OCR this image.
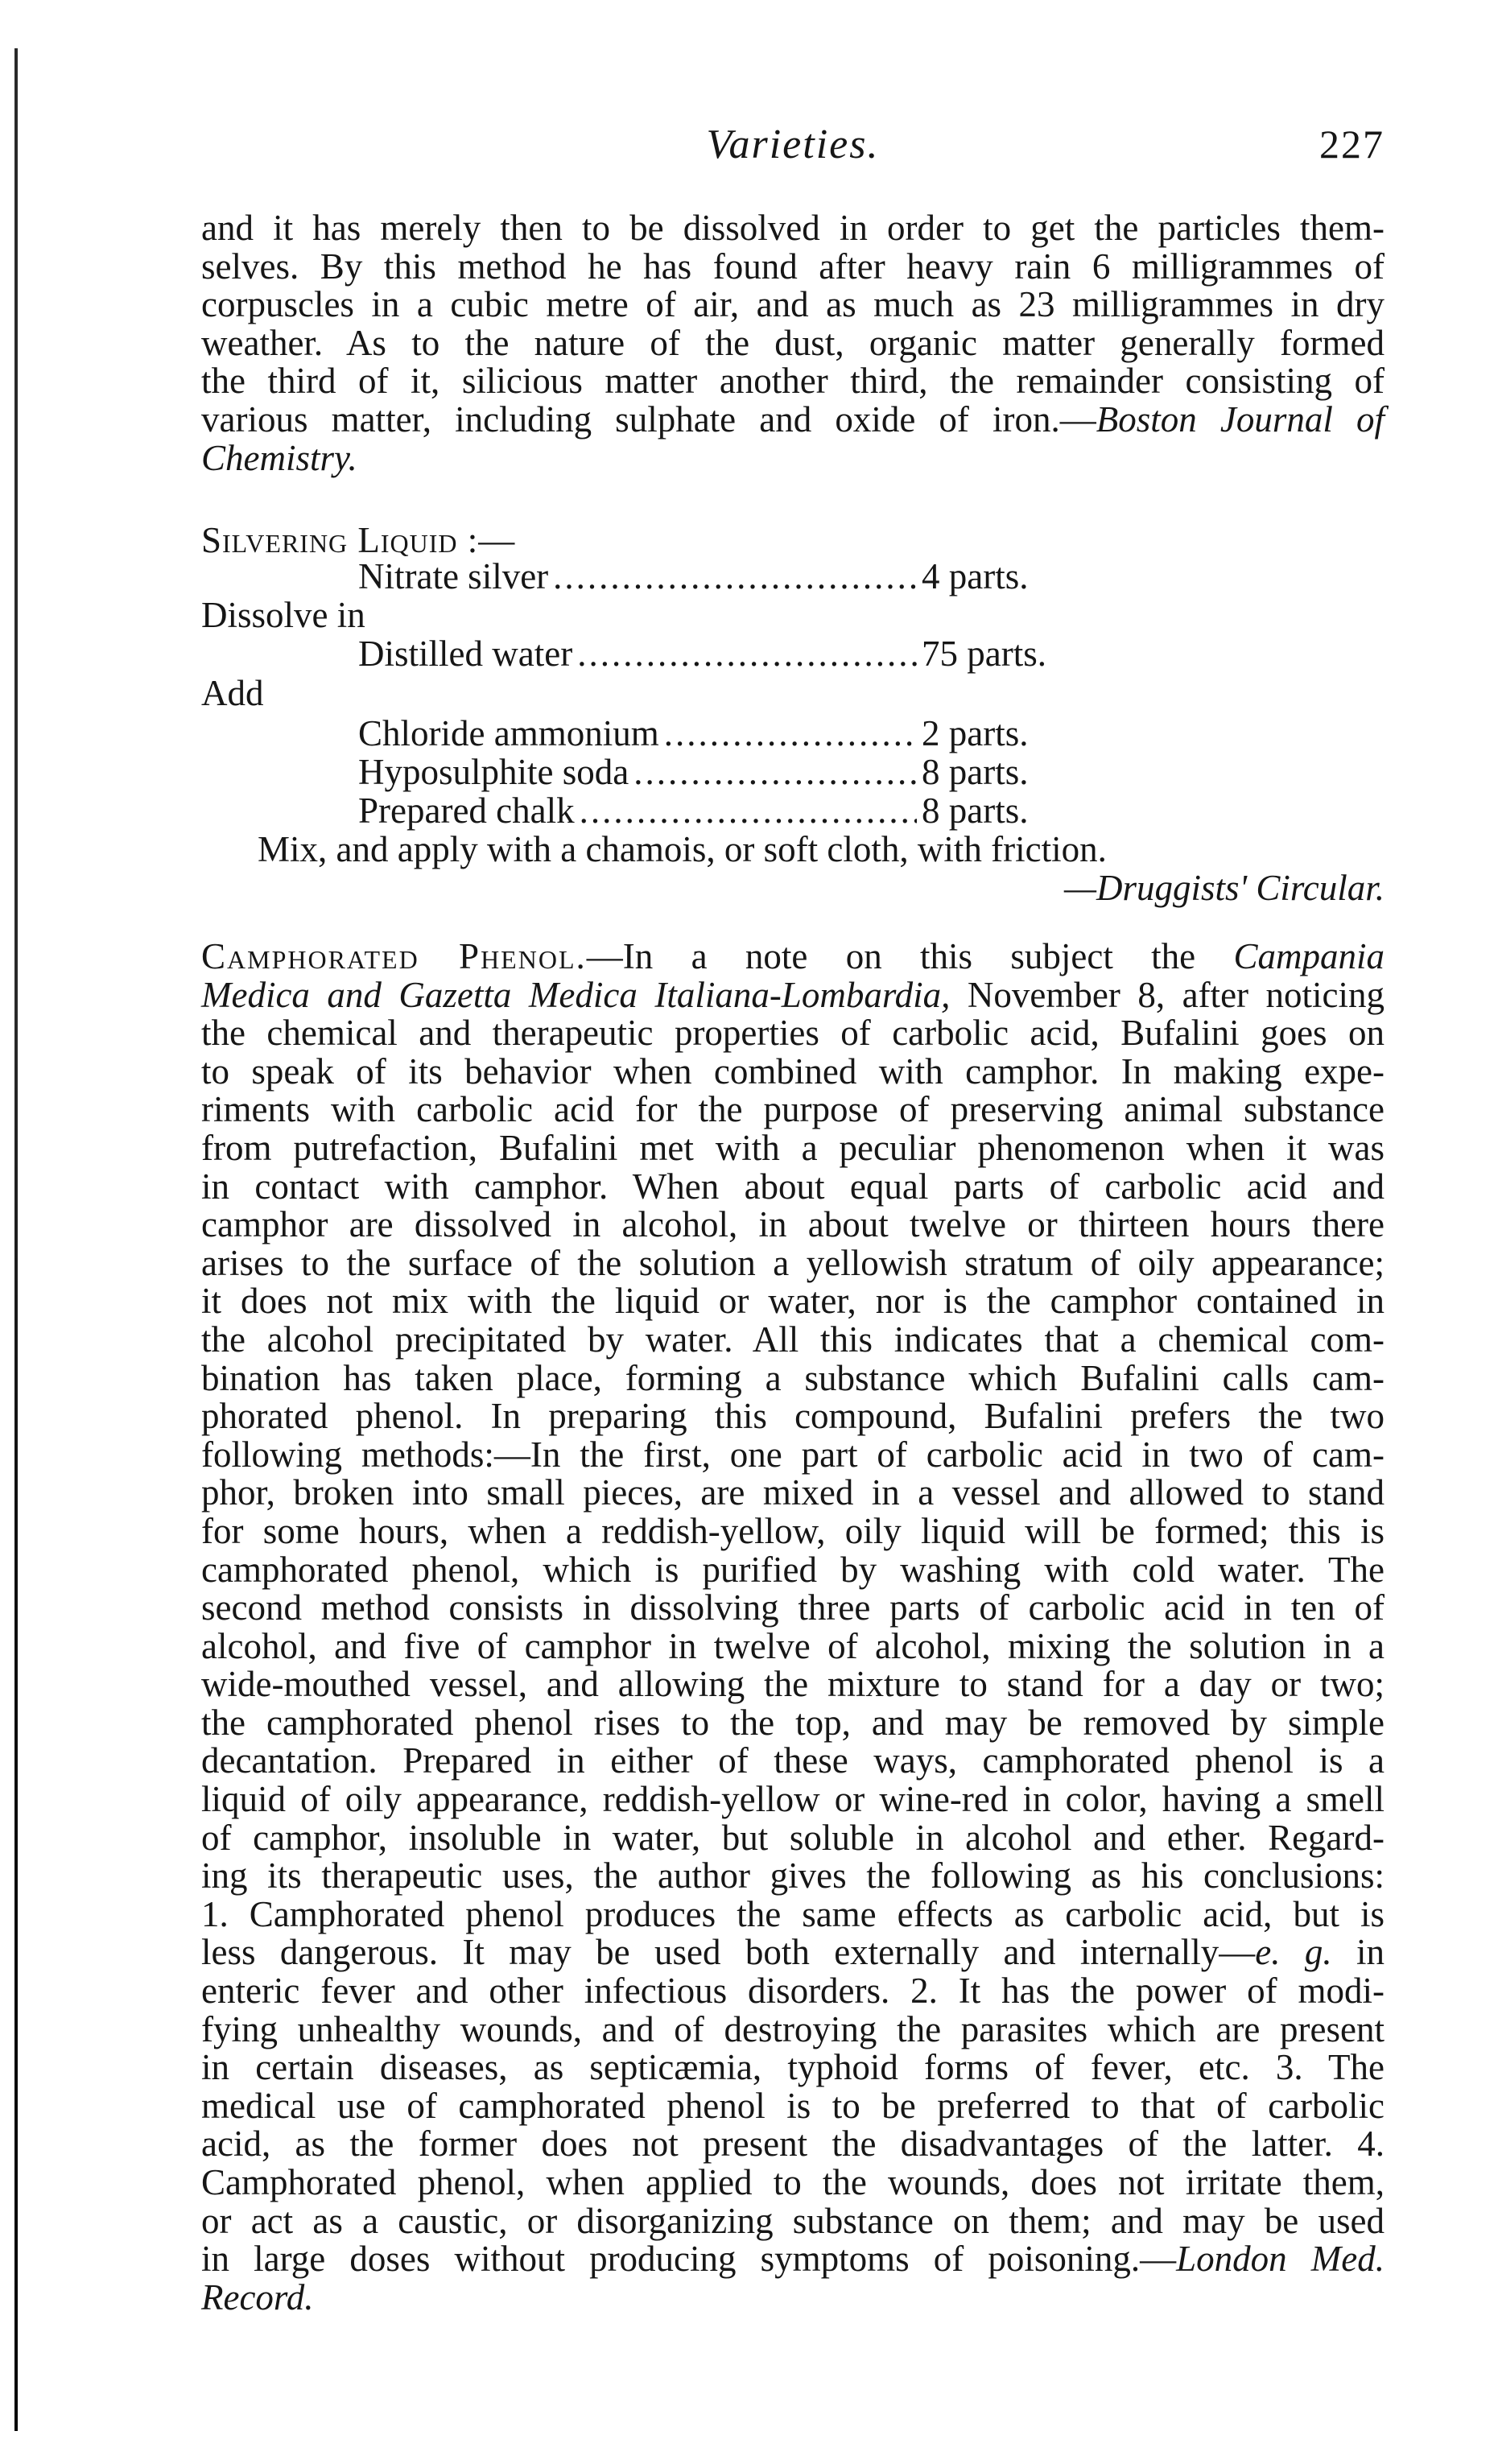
Varieties.	227
and it has merely then to be dissolved in order to get the particles them-
selves. By this method he has found after heavy rain 6 milligrammes of
corpuscles in a cubic metre of air, and as much as 23 milligrammes in dry
weather. As to the nature of the dust, organic matter generally formed
the third of it, silicious matter another third, the remainder consisting of
various matter, including sulphate and oxide of iron.—Boston Journal of
Chemistry.
Silvering Liquid :—
Nitrate silver .....	4 parts.
Dissolve in
Distilled water .....	75 parts.
Add
Chloride ammonium .....	2 parts.
Hyposulphite soda .....	8 parts.
Prepared chalk .....	8 parts.
Mix, and apply with a chamois, or soft cloth, with friction.
—Druggists' Circular.
Camphorated Phenol.—In a note on this subject the Campania
Medica and Gazetta Medica Italiana-Lombardia, November 8, after noticing
the chemical and therapeutic properties of carbolic acid, Bufalini goes on
to speak of its behavior when combined with camphor. In making expe-
riments with carbolic acid for the purpose of preserving animal substance
from putrefaction, Bufalini met with a peculiar phenomenon when it was
in contact with camphor. When about equal parts of carbolic acid and
camphor are dissolved in alcohol, in about twelve or thirteen hours there
arises to the surface of the solution a yellowish stratum of oily appearance;
it does not mix with the liquid or water, nor is the camphor contained in
the alcohol precipitated by water. All this indicates that a chemical com-
bination has taken place, forming a substance which Bufalini calls cam-
phorated phenol. In preparing this compound, Bufalini prefers the two
following methods:—In the first, one part of carbolic acid in two of cam-
phor, broken into small pieces, are mixed in a vessel and allowed to stand
for some hours, when a reddish-yellow, oily liquid will be formed; this is
camphorated phenol, which is purified by washing with cold water. The
second method consists in dissolving three parts of carbolic acid in ten of
alcohol, and five of camphor in twelve of alcohol, mixing the solution in a
wide-mouthed vessel, and allowing the mixture to stand for a day or two;
the camphorated phenol rises to the top, and may be removed by simple
decantation. Prepared in either of these ways, camphorated phenol is a
liquid of oily appearance, reddish-yellow or wine-red in color, having a smell
of camphor, insoluble in water, but soluble in alcohol and ether. Regard-
ing its therapeutic uses, the author gives the following as his conclusions:
1. Camphorated phenol produces the same effects as carbolic acid, but is
less dangerous. It may be used both externally and internally—e. g. in
enteric fever and other infectious disorders. 2. It has the power of modi-
fying unhealthy wounds, and of destroying the parasites which are present
in certain diseases, as septicæmia, typhoid forms of fever, etc. 3. The
medical use of camphorated phenol is to be preferred to that of carbolic
acid, as the former does not present the disadvantages of the latter. 4.
Camphorated phenol, when applied to the wounds, does not irritate them,
or act as a caustic, or disorganizing substance on them; and may be used
in large doses without producing symptoms of poisoning.—London Med.
Record.
